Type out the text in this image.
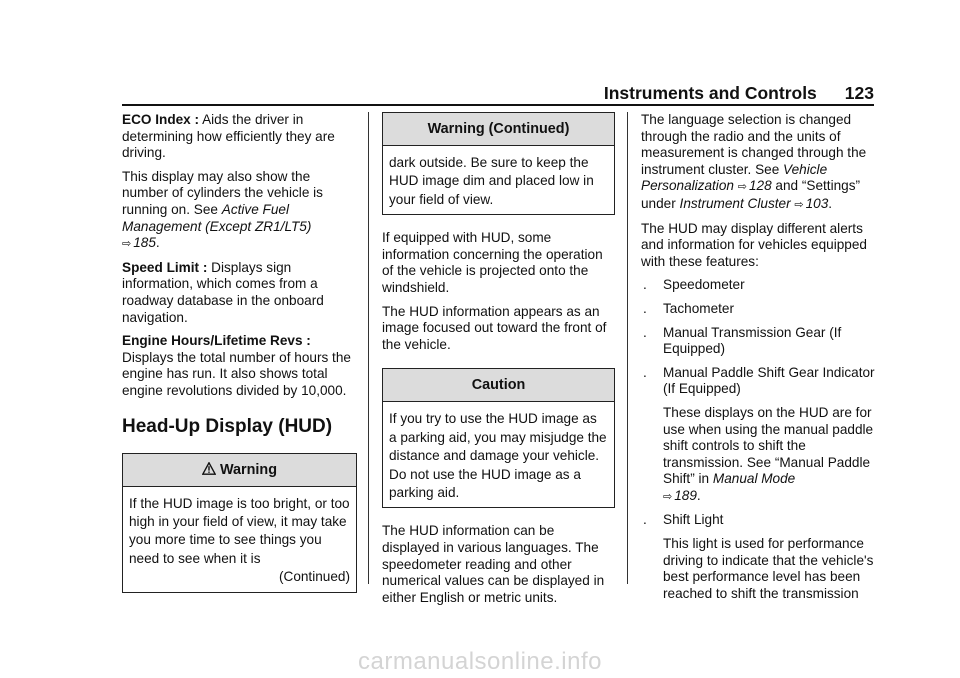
Instruments and Controls 123

ECO Index : Aids the driver in determining how efficiently they are driving.

This display may also show the number of cylinders the vehicle is running on. See Active Fuel Management (Except ZR1/LT5)
⇨ 185.

Speed Limit : Displays sign information, which comes from a roadway database in the onboard navigation.

Engine Hours/Lifetime Revs :
Displays the total number of hours the engine has run. It also shows total engine revolutions divided by 10,000.

Head-Up Display (HUD)
Warning
If the HUD image is too bright, or too high in your field of view, it may take you more time to see things you need to see when it is
(Continued)
Warning (Continued)
dark outside. Be sure to keep the HUD image dim and placed low in your field of view.

If equipped with HUD, some information concerning the operation of the vehicle is projected onto the windshield.

The HUD information appears as an image focused out toward the front of the vehicle.

Caution
If you try to use the HUD image as a parking aid, you may misjudge the distance and damage your vehicle. Do not use the HUD image as a parking aid.

The HUD information can be displayed in various languages. The speedometer reading and other numerical values can be displayed in either English or metric units.

The language selection is changed through the radio and the units of measurement is changed through the instrument cluster. See Vehicle Personalization ⇨ 128 and “Settings” under Instrument Cluster ⇨ 103.

The HUD may display different alerts and information for vehicles equipped with these features:

. Speedometer
. Tachometer
. Manual Transmission Gear (If Equipped)
. Manual Paddle Shift Gear Indicator (If Equipped)
These displays on the HUD are for use when using the manual paddle shift controls to shift the transmission. See “Manual Paddle Shift” in Manual Mode
⇨ 189.
. Shift Light
This light is used for performance driving to indicate that the vehicle's best performance level has been reached to shift the transmission
carmanualsonline.info
